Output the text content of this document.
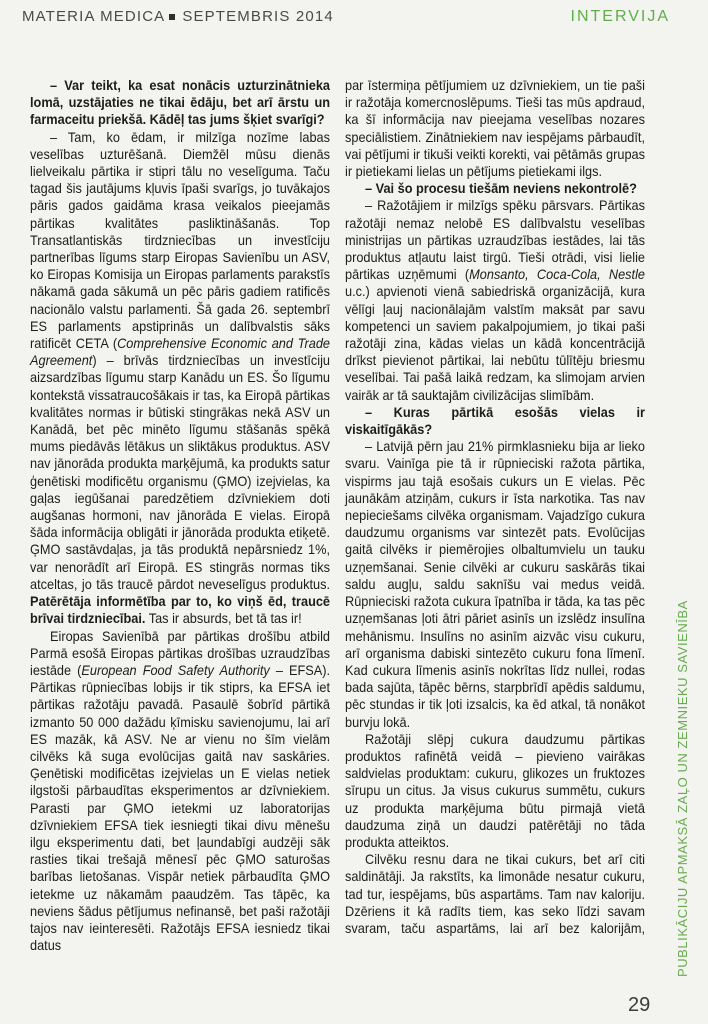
MATERIA MEDICA SEPTEMBRIS 2014	INTERVIJA

– Var teikt, ka esat nonācis uzturzinātnieka lomā, uzstājaties ne tikai ēdāju, bet arī ārstu un farmaceitu priekšā. Kādēļ tas jums šķiet svarīgi?

– Tam, ko ēdam, ir milzīga nozīme labas veselības uzturēšanā. Diemžēl mūsu dienās lielveikalu pārtika ir stipri tālu no veselīguma. Taču tagad šis jautājums kļuvis īpaši svarīgs, jo tuvākajos pāris gados gaidāma krasa veikalos pieejamās pārtikas kvalitātes pasliktināšanās. Top Transatlantiskās tirdzniecības un investīciju partnerības līgums starp Eiropas Savienību un ASV, ko Eiropas Komisija un Eiropas parlaments parakstīs nākamā gada sākumā un pēc pāris gadiem ratificēs nacionālo valstu parlamenti. Šā gada 26. septembrī ES parlaments apstiprinās un dalībvalstis sāks ratificēt CETA (Comprehensive Economic and Trade Agreement) – brīvās tirdzniecības un investīciju aizsardzības līgumu starp Kanādu un ES. Šo līgumu kontekstā vissatraucošākais ir tas, ka Eiropā pārtikas kvalitātes normas ir būtiski stingrākas nekā ASV un Kanādā, bet pēc minēto līgumu stāšanās spēkā mums piedāvās lētākus un sliktākus produktus. ASV nav jānorāda produkta marķējumā, ka produkts satur ģenētiski modificētu organismu (ĢMO) izejvielas, ka gaļas iegūšanai paredzētiem dzīvniekiem doti augšanas hormoni, nav jānorāda E vielas. Eiropā šāda informācija obligāti ir jānorāda produkta etiķetē. ĢMO sastāvdaļas, ja tās produktā nepārsniedz 1%, var nenorādīt arī Eiropā. ES stingrās normas tiks atceltas, jo tās traucē pārdot neveselīgus produktus. Patērētāja informētība par to, ko viņš ēd, traucē brīvai tirdzniecībai. Tas ir absurds, bet tā tas ir!

Eiropas Savienībā par pārtikas drošību atbild Parmā esošā Eiropas pārtikas drošības uzraudzības iestāde (European Food Safety Authority – EFSA). Pārtikas rūpniecības lobijs ir tik stiprs, ka EFSA iet pārtikas ražotāju pavadā. Pasaulē šobrīd pārtikā izmanto 50 000 dažādu ķīmisku savienojumu, lai arī ES mazāk, kā ASV. Ne ar vienu no šīm vielām cilvēks kā suga evolūcijas gaitā nav saskāries. Ģenētiski modificētas izejvielas un E vielas netiek ilgstoši pārbaudītas eksperimentos ar dzīvniekiem. Parasti par ĢMO ietekmi uz laboratorijas dzīvniekiem EFSA tiek iesniegti tikai divu mēnešu ilgu eksperimentu dati, bet ļaundabīgi audzēji sāk rasties tikai trešajā mēnesī pēc ĢMO saturošas barības lietošanas. Vispār netiek pārbaudīta ĢMO ietekme uz nākamām paaudzēm. Tas tāpēc, ka neviens šādus pētījumus nefinansē, bet paši ražotāji tajos nav ieinteresēti. Ražotājs EFSA iesniedz tikai datus

par īstermiņa pētījumiem uz dzīvniekiem, un tie paši ir ražotāja komercnoslēpums. Tieši tas mūs apdraud, ka šī informācija nav pieejama veselības nozares speciālistiem. Zinātniekiem nav iespējams pārbaudīt, vai pētījumi ir tikuši veikti korekti, vai pētāmās grupas ir pietiekami lielas un pētījums pietiekami ilgs.

– Vai šo procesu tiešām neviens nekontrolē?

– Ražotājiem ir milzīgs spēku pārsvars. Pārtikas ražotāji nemaz nelobē ES dalībvalstu veselības ministrijas un pārtikas uzraudzības iestādes, lai tās produktus atļautu laist tirgū. Tieši otrādi, visi lielie pārtikas uzņēmumi (Monsanto, Coca-Cola, Nestle u.c.) apvienoti vienā sabiedriskā organizācijā, kura vēlīgi ļauj nacionālajām valstīm maksāt par savu kompetenci un saviem pakalpojumiem, jo tikai paši ražotāji zina, kādas vielas un kādā koncentrācijā drīkst pievienot pārtikai, lai nebūtu tūlītēju briesmu veselībai. Tai pašā laikā redzam, ka slimojam arvien vairāk ar tā sauktajām civilizācijas slimībām.

– Kuras pārtikā esošās vielas ir viskaitīgākās?

– Latvijā pērn jau 21% pirmklasnieku bija ar lieko svaru. Vainīga pie tā ir rūpnieciski ražota pārtika, vispirms jau tajā esošais cukurs un E vielas. Pēc jaunākām atziņām, cukurs ir īsta narkotika. Tas nav nepieciešams cilvēka organismam. Vajadzīgo cukura daudzumu organisms var sintezēt pats. Evolūcijas gaitā cilvēks ir piemērojies olbaltumvielu un tauku uzņemšanai. Senie cilvēki ar cukuru saskārās tikai saldu augļu, saldu saknīšu vai medus veidā. Rūpnieciski ražota cukura īpatnība ir tāda, ka tas pēc uzņemšanas ļoti ātri pāriet asinīs un izslēdz insulīna mehānismu. Insulīns no asinīm aizvāc visu cukuru, arī organisma dabiski sintezēto cukuru fona līmenī. Kad cukura līmenis asinīs nokrītas līdz nullei, rodas bada sajūta, tāpēc bērns, starpbrīdī apēdis saldumu, pēc stundas ir tik ļoti izsalcis, ka ēd atkal, tā nonākot burvju lokā.

Ražotāji slēpj cukura daudzumu pārtikas produktos rafinētā veidā – pievieno vairākas saldvielas produktam: cukuru, glikozes un fruktozes sīrupu un citus. Ja visus cukurus summētu, cukurs uz produkta marķējuma būtu pirmajā vietā daudzuma ziņā un daudzi patērētāji no tāda produkta atteiktos.

Cilvēku resnu dara ne tikai cukurs, bet arī citi saldinātāji. Ja rakstīts, ka limonāde nesatur cukuru, tad tur, iespējams, būs aspartāms. Tam nav kaloriju. Dzēriens it kā radīts tiem, kas seko līdzi savam svaram, taču aspartāms, lai arī bez kalorijām, PUBLIKĀCIJU APMAKSĀ ZAĻO UN ZEMNIEKU SAVIENĪBA
29
